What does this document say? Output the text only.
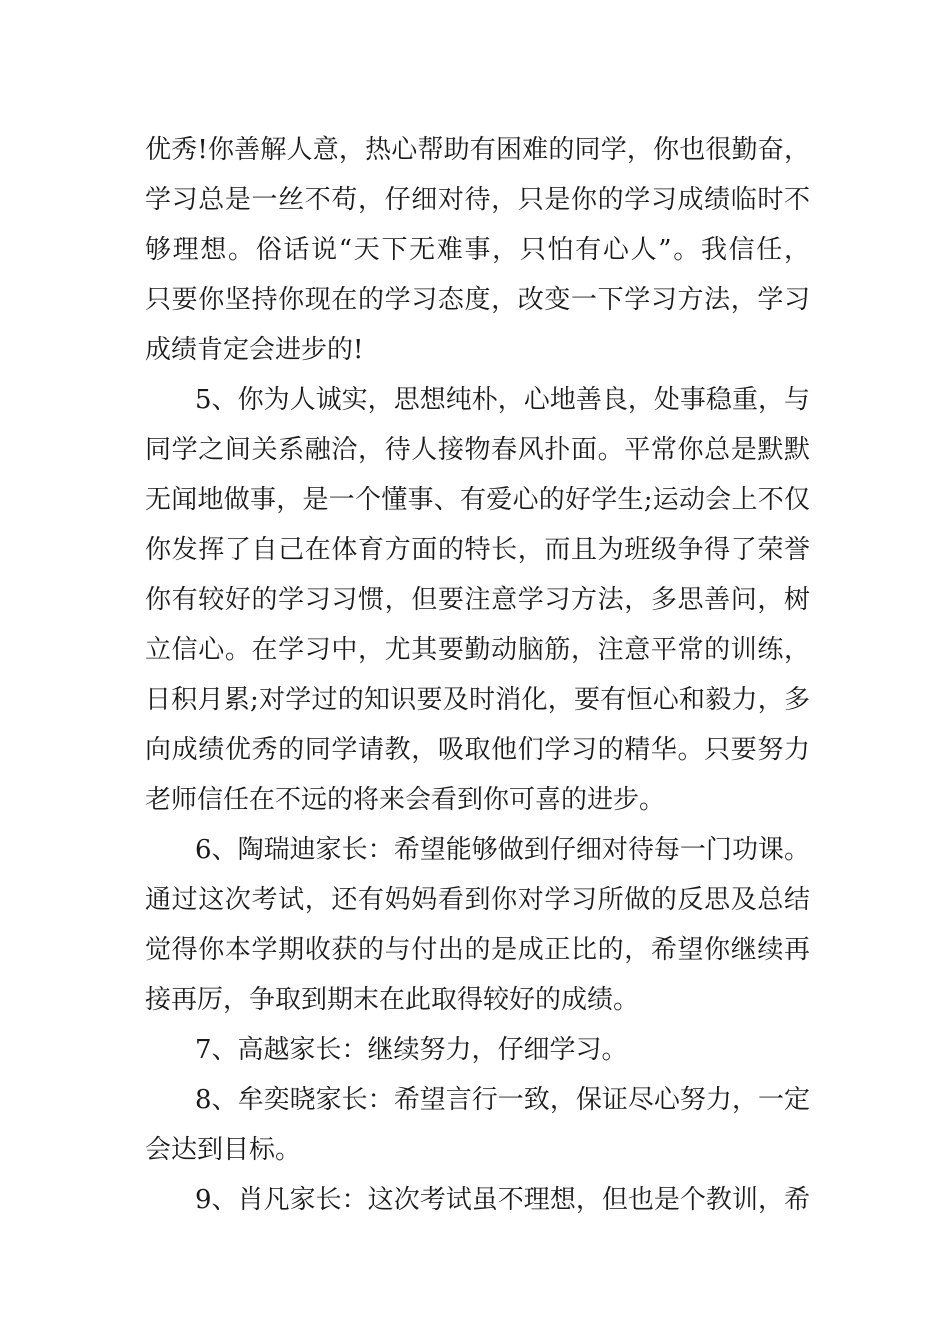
优秀!你善解人意，热心帮助有困难的同学，你也很勤奋，
学习总是一丝不苟，仔细对待，只是你的学习成绩临时不
够理想。俗话说“天下无难事，只怕有心人”。我信任，
只要你坚持你现在的学习态度，改变一下学习方法，学习
成绩肯定会进步的!
5、你为人诚实，思想纯朴，心地善良，处事稳重，与
同学之间关系融洽，待人接物春风扑面。平常你总是默默
无闻地做事，是一个懂事、有爱心的好学生;运动会上不仅
你发挥了自己在体育方面的特长，而且为班级争得了荣誉
你有较好的学习习惯，但要注意学习方法，多思善问，树
立信心。在学习中，尤其要勤动脑筋，注意平常的训练，
日积月累;对学过的知识要及时消化，要有恒心和毅力，多
向成绩优秀的同学请教，吸取他们学习的精华。只要努力
老师信任在不远的将来会看到你可喜的进步。
6、陶瑞迪家长：希望能够做到仔细对待每一门功课。
通过这次考试，还有妈妈看到你对学习所做的反思及总结
觉得你本学期收获的与付出的是成正比的，希望你继续再
接再厉，争取到期末在此取得较好的成绩。
7、高越家长：继续努力，仔细学习。
8、牟奕晓家长：希望言行一致，保证尽心努力，一定
会达到目标。
9、肖凡家长：这次考试虽不理想，但也是个教训，希
